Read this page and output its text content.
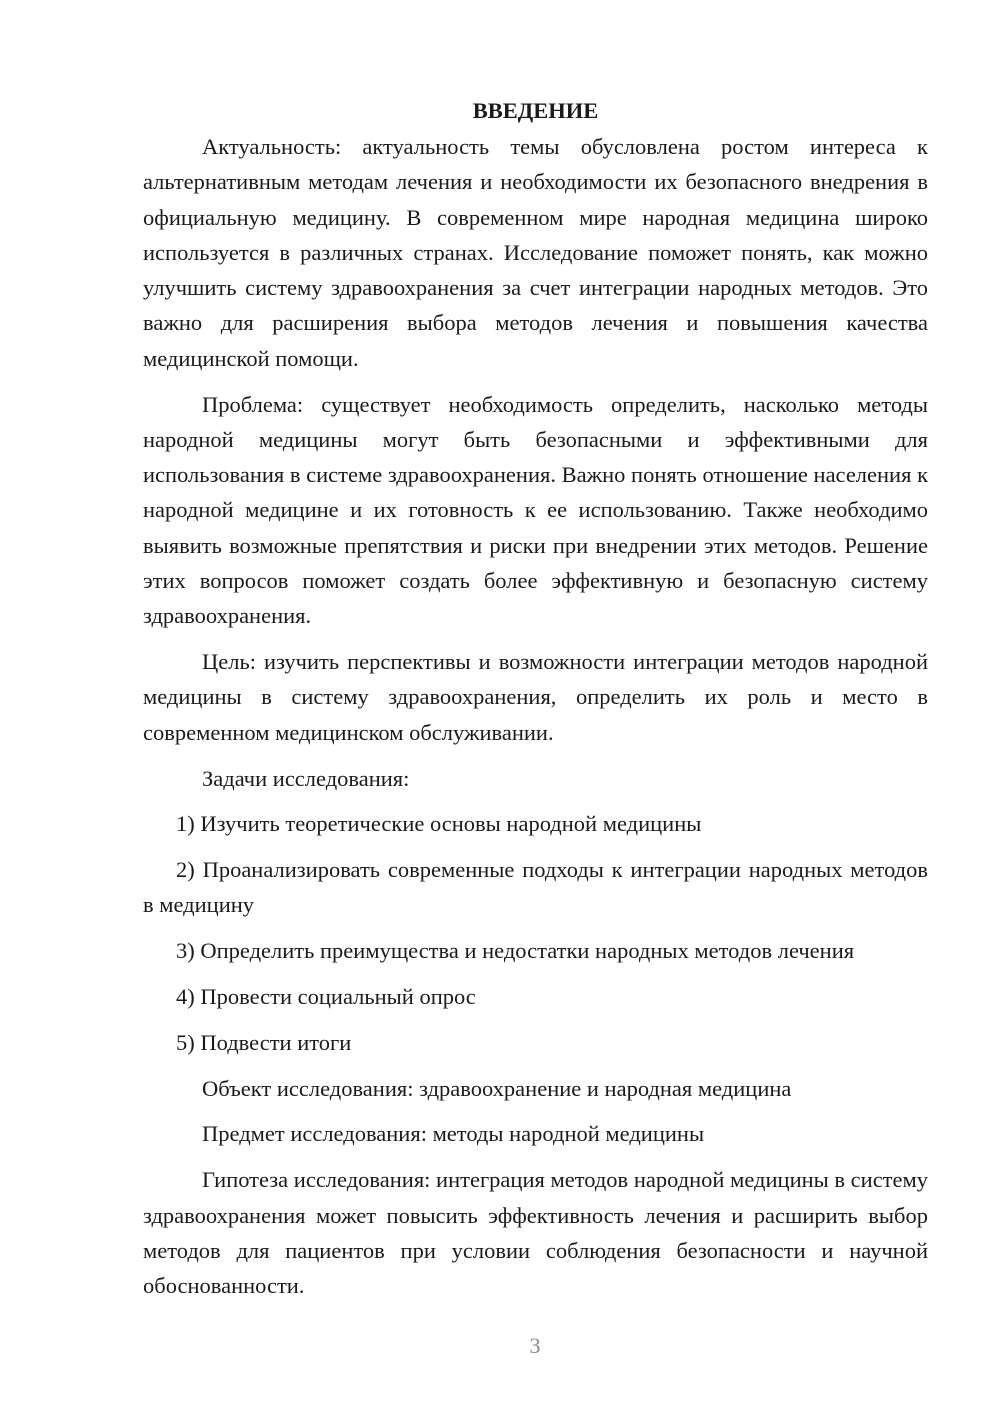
ВВЕДЕНИЕ

Актуальность: актуальность темы обусловлена ростом интереса к альтернативным методам лечения и необходимости их безопасного внедрения в официальную медицину. В современном мире народная медицина широко используется в различных странах. Исследование поможет понять, как можно улучшить систему здравоохранения за счет интеграции народных методов. Это важно для расширения выбора методов лечения и повышения качества медицинской помощи.

Проблема: существует необходимость определить, насколько методы народной медицины могут быть безопасными и эффективными для использования в системе здравоохранения. Важно понять отношение населения к народной медицине и их готовность к ее использованию. Также необходимо выявить возможные препятствия и риски при внедрении этих методов. Решение этих вопросов поможет создать более эффективную и безопасную систему здравоохранения.

Цель: изучить перспективы и возможности интеграции методов народной медицины в систему здравоохранения, определить их роль и место в современном медицинском обслуживании.

Задачи исследования:

1) Изучить теоретические основы народной медицины

2) Проанализировать современные подходы к интеграции народных методов в медицину

3) Определить преимущества и недостатки народных методов лечения

4) Провести социальный опрос

5) Подвести итоги

Объект исследования: здравоохранение и народная медицина

Предмет исследования: методы народной медицины

Гипотеза исследования: интеграция методов народной медицины в систему здравоохранения может повысить эффективность лечения и расширить выбор методов для пациентов при условии соблюдения безопасности и научной обоснованности.

3
